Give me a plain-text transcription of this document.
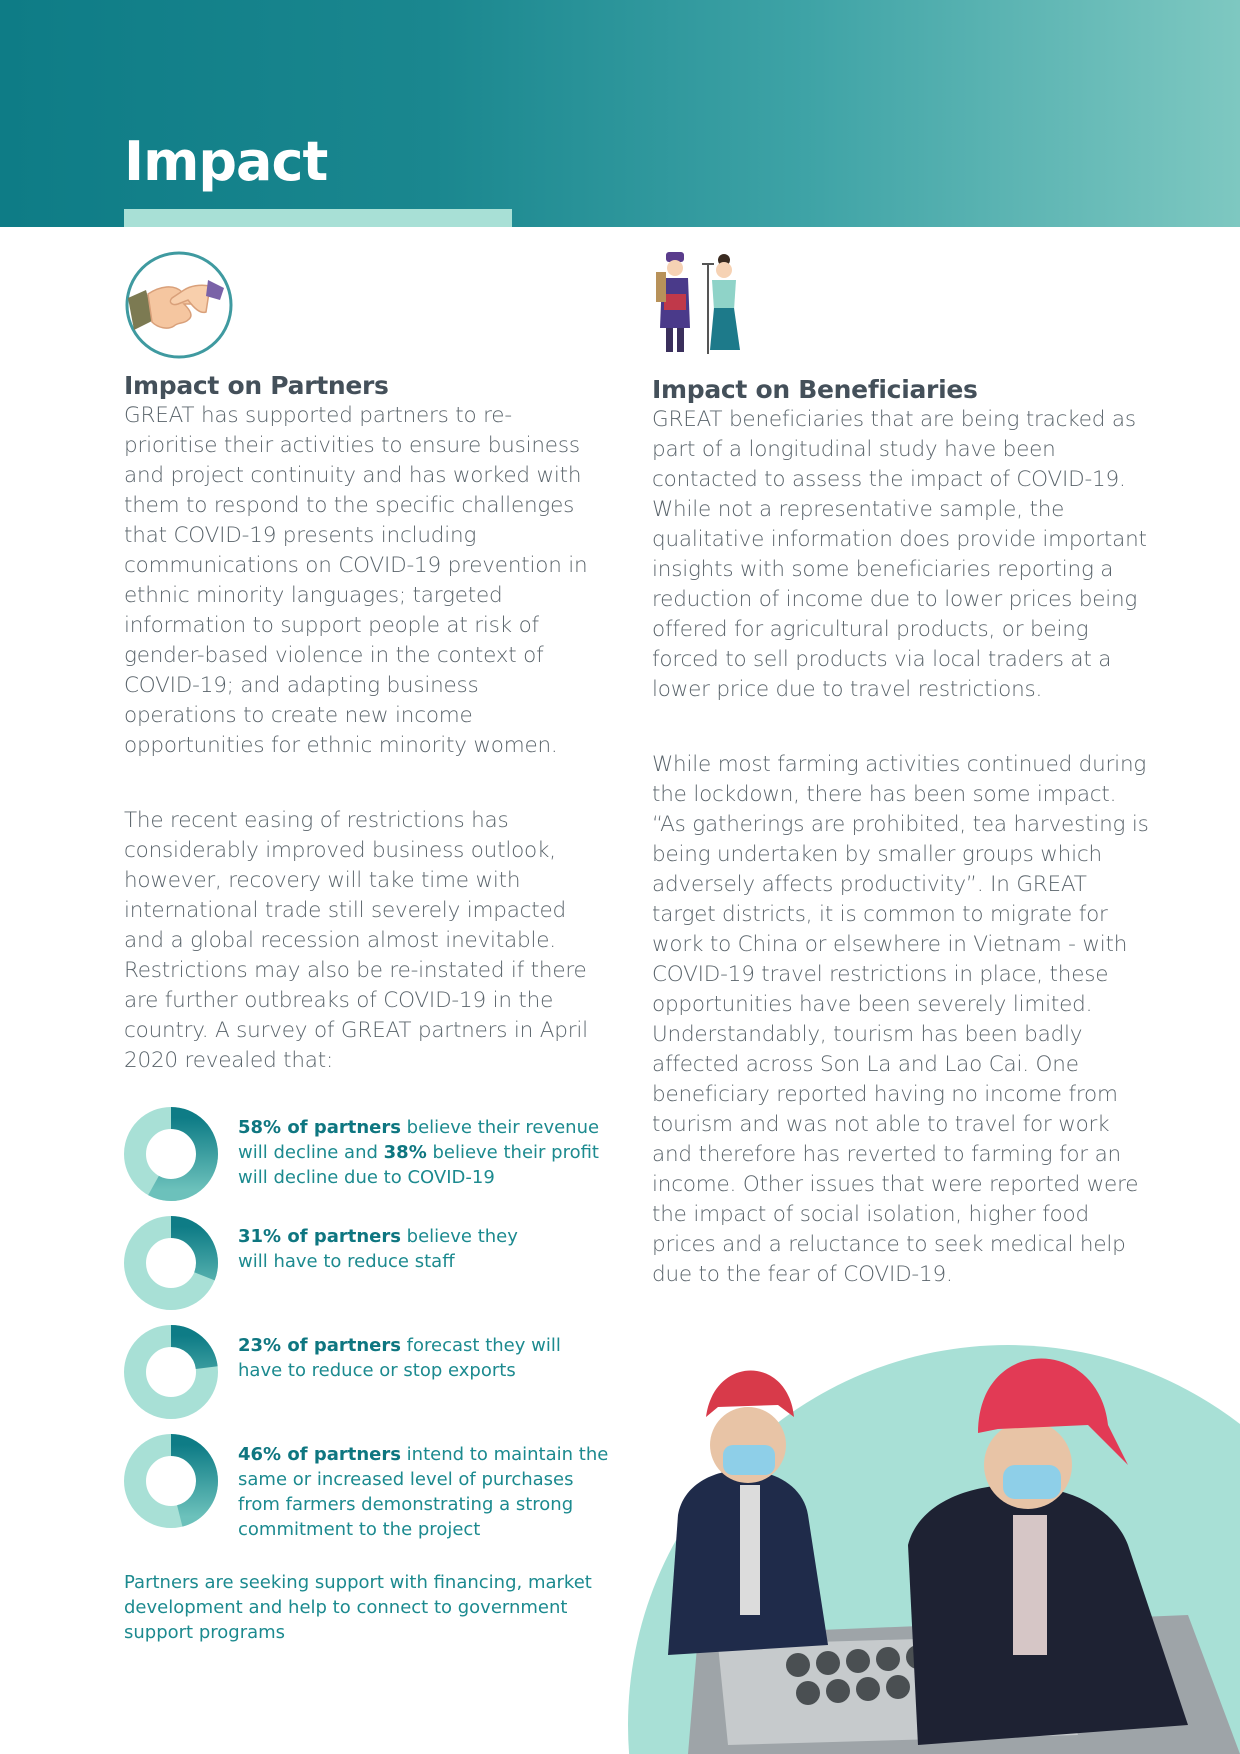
Impact
Impact on Partners

GREAT has supported partners to re-prioritise their activities to ensure business and project continuity and has worked with them to respond to the specific challenges that COVID-19 presents including communications on COVID-19 prevention in ethnic minority languages; targeted information to support people at risk of gender-based violence in the context of COVID-19; and adapting business operations to create new income opportunities for ethnic minority women.

The recent easing of restrictions has considerably improved business outlook, however, recovery will take time with international trade still severely impacted and a global recession almost inevitable. Restrictions may also be re-instated if there are further outbreaks of COVID-19 in the country. A survey of GREAT partners in April 2020 revealed that:

58% of partners believe their revenue will decline and 38% believe their profit will decline due to COVID-19

31% of partners believe they will have to reduce staff

23% of partners forecast they will have to reduce or stop exports

46% of partners intend to maintain the same or increased level of purchases from farmers demonstrating a strong commitment to the project

Partners are seeking support with financing, market development and help to connect to government support programs

Impact on Beneficiaries

GREAT beneficiaries that are being tracked as part of a longitudinal study have been contacted to assess the impact of COVID-19. While not a representative sample, the qualitative information does provide important insights with some beneficiaries reporting a reduction of income due to lower prices being offered for agricultural products, or being forced to sell products via local traders at a lower price due to travel restrictions.

While most farming activities continued during the lockdown, there has been some impact. “As gatherings are prohibited, tea harvesting is being undertaken by smaller groups which adversely affects productivity”. In GREAT target districts, it is common to migrate for work to China or elsewhere in Vietnam - with COVID-19 travel restrictions in place, these opportunities have been severely limited. Understandably, tourism has been badly affected across Son La and Lao Cai. One beneficiary reported having no income from tourism and was not able to travel for work and therefore has reverted to farming for an income. Other issues that were reported were the impact of social isolation, higher food prices and a reluctance to seek medical help due to the fear of COVID-19.
